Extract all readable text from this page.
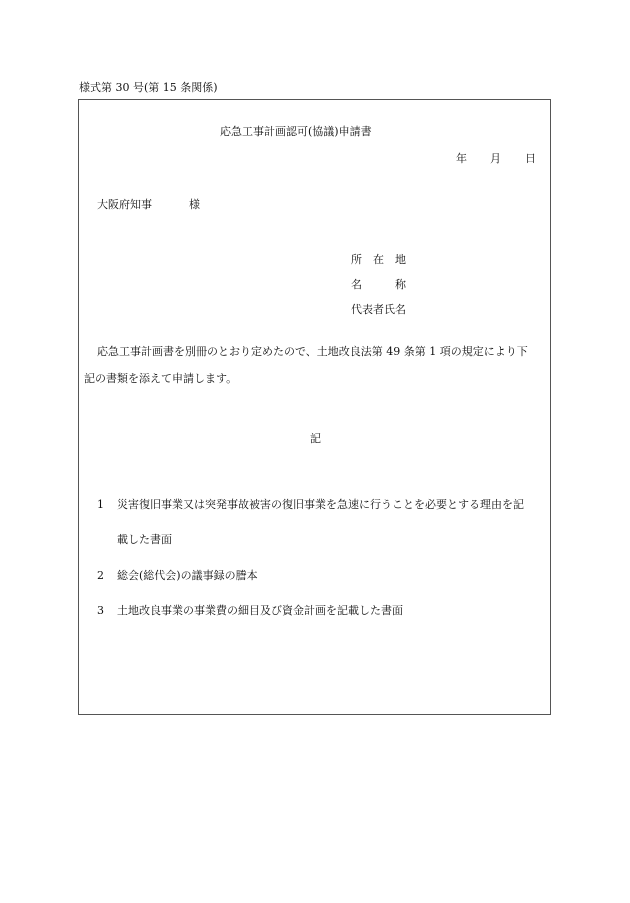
様式第 30 号(第 15 条関係)
応急工事計画認可(協議)申請書
年 月 日
大阪府知事	様
所　在　地
名　　　称
代表者氏名
応急工事計画書を別冊のとおり定めたので、土地改良法第 49 条第 1 項の規定により下
記の書類を添えて申請します。
記
1 災害復旧事業又は突発事故被害の復旧事業を急速に行うことを必要とする理由を記
載した書面
2 総会(総代会)の議事録の謄本
3 土地改良事業の事業費の細目及び資金計画を記載した書面
